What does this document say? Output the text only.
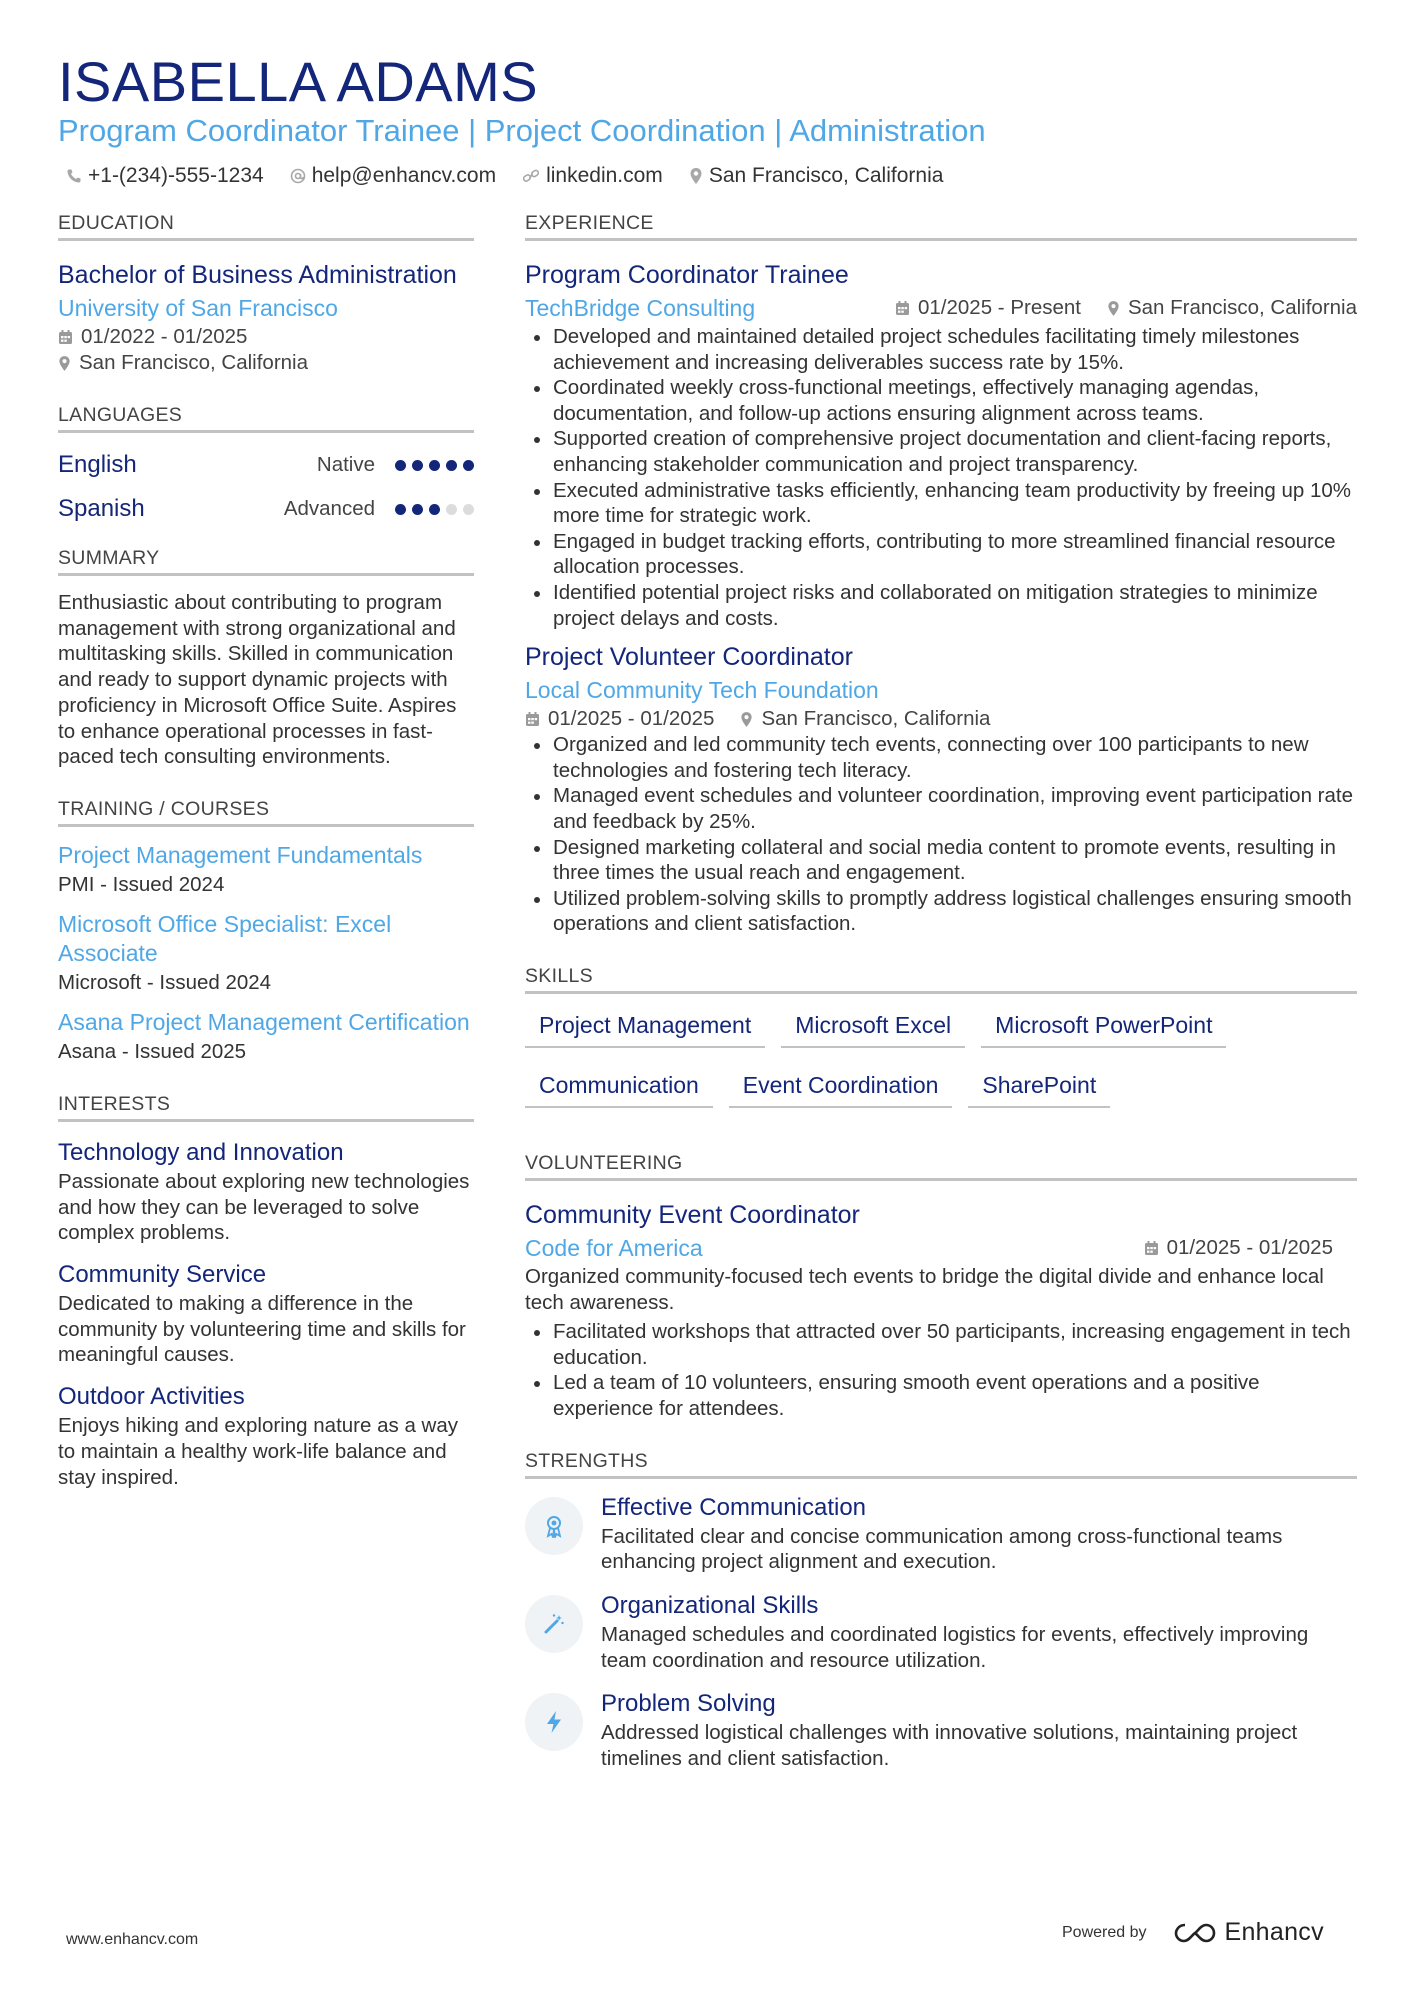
ISABELLA ADAMS
Program Coordinator Trainee | Project Coordination | Administration
+1-(234)-555-1234 help@enhancv.com linkedin.com San Francisco, California
EDUCATION
Bachelor of Business Administration
University of San Francisco
01/2022 - 01/2025
San Francisco, California
LANGUAGES
English	Native
Spanish	Advanced
SUMMARY
Enthusiastic about contributing to program management with strong organizational and multitasking skills. Skilled in communication and ready to support dynamic projects with proficiency in Microsoft Office Suite. Aspires to enhance operational processes in fast-paced tech consulting environments.
TRAINING / COURSES
Project Management Fundamentals
PMI - Issued 2024
Microsoft Office Specialist: Excel Associate
Microsoft - Issued 2024
Asana Project Management Certification
Asana - Issued 2025
INTERESTS
Technology and Innovation
Passionate about exploring new technologies and how they can be leveraged to solve complex problems.
Community Service
Dedicated to making a difference in the community by volunteering time and skills for meaningful causes.
Outdoor Activities
Enjoys hiking and exploring nature as a way to maintain a healthy work-life balance and stay inspired.
EXPERIENCE
Program Coordinator Trainee
TechBridge Consulting	01/2025 - Present San Francisco, California
Developed and maintained detailed project schedules facilitating timely milestones achievement and increasing deliverables success rate by 15%.
Coordinated weekly cross-functional meetings, effectively managing agendas, documentation, and follow-up actions ensuring alignment across teams.
Supported creation of comprehensive project documentation and client-facing reports, enhancing stakeholder communication and project transparency.
Executed administrative tasks efficiently, enhancing team productivity by freeing up 10% more time for strategic work.
Engaged in budget tracking efforts, contributing to more streamlined financial resource allocation processes.
Identified potential project risks and collaborated on mitigation strategies to minimize project delays and costs.
Project Volunteer Coordinator
Local Community Tech Foundation
01/2025 - 01/2025 San Francisco, California
Organized and led community tech events, connecting over 100 participants to new technologies and fostering tech literacy.
Managed event schedules and volunteer coordination, improving event participation rate and feedback by 25%.
Designed marketing collateral and social media content to promote events, resulting in three times the usual reach and engagement.
Utilized problem-solving skills to promptly address logistical challenges ensuring smooth operations and client satisfaction.
SKILLS
Project Management	Microsoft Excel	Microsoft PowerPoint
Communication	Event Coordination	SharePoint
VOLUNTEERING
Community Event Coordinator
Code for America	01/2025 - 01/2025
Organized community-focused tech events to bridge the digital divide and enhance local tech awareness.
Facilitated workshops that attracted over 50 participants, increasing engagement in tech education.
Led a team of 10 volunteers, ensuring smooth event operations and a positive experience for attendees.
STRENGTHS
Effective Communication
Facilitated clear and concise communication among cross-functional teams enhancing project alignment and execution.
Organizational Skills
Managed schedules and coordinated logistics for events, effectively improving team coordination and resource utilization.
Problem Solving
Addressed logistical challenges with innovative solutions, maintaining project timelines and client satisfaction.
www.enhancv.com	Powered by	Enhancv
